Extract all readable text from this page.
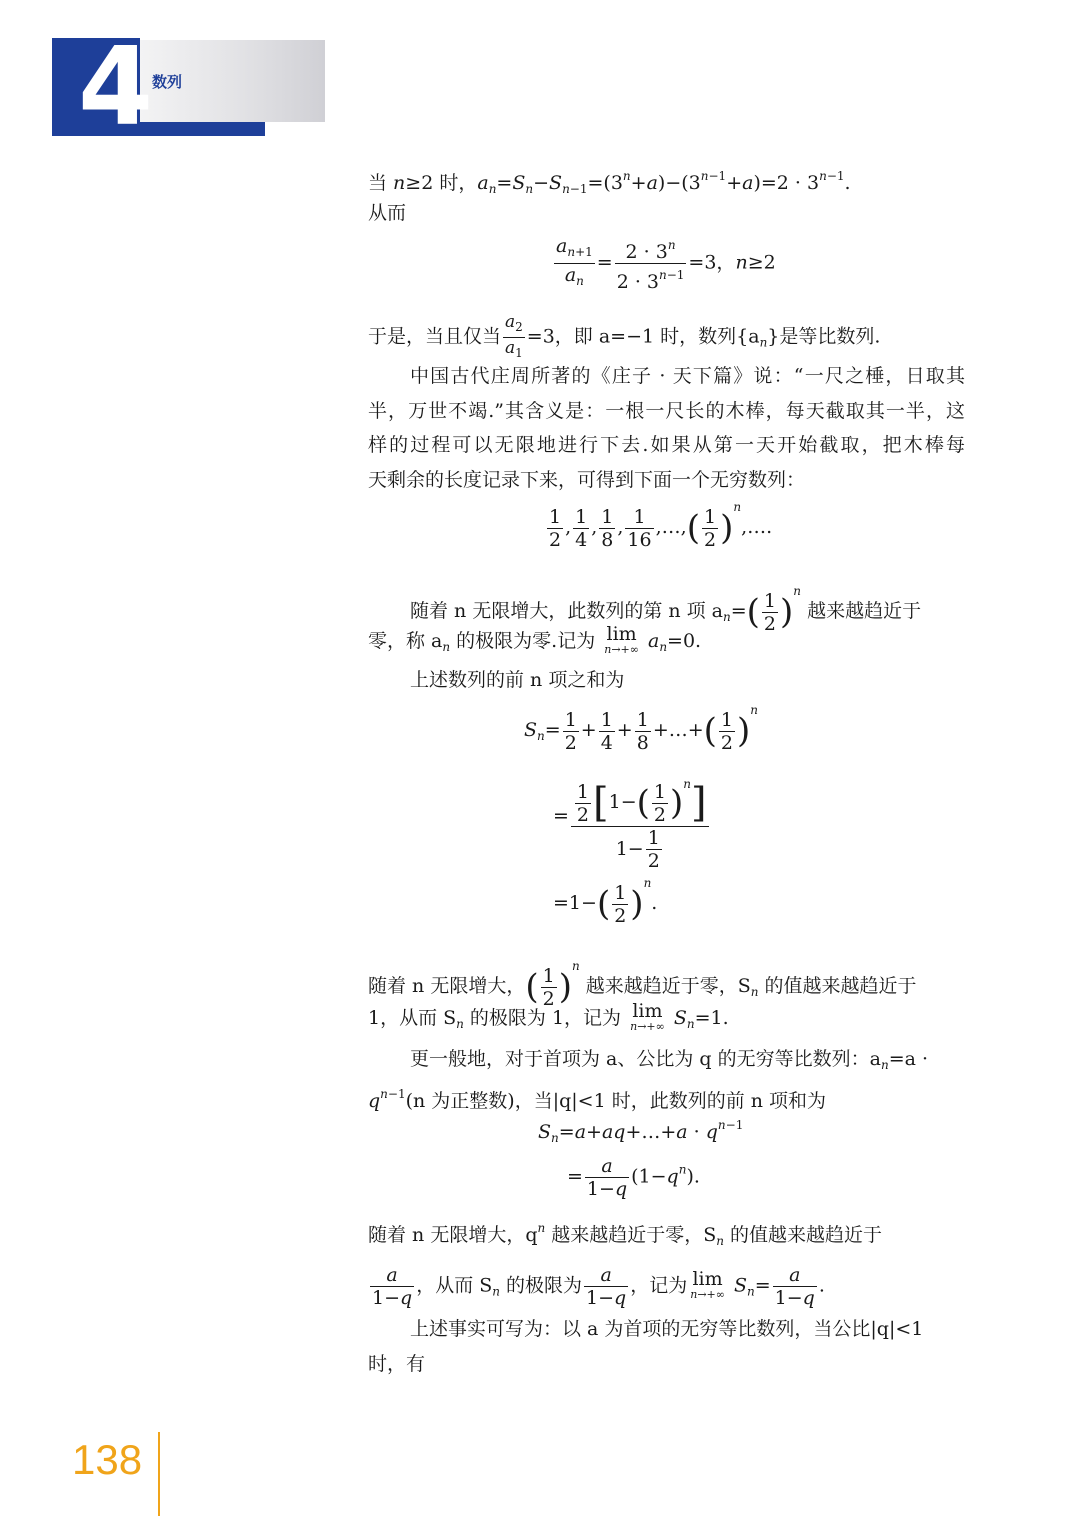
4
数列
当 n≥2 时，$a_n=S_n-S_{n-1}=(3^n+a)-(3^{n-1}+a)=2 \cdot 3^{n-1}$.
从而
$\frac{a_{n+1}}{a_n} = \frac{2 \cdot 3^n}{2 \cdot 3^{n-1}} =3$，n≥2
于是，当且仅当 $\frac{a_2}{a_1} =3$，即 a=−1 时，数列$\{a_n\}$是等比数列.
中国古代庄周所著的《庄子 · 天下篇》说：“一尺之棰，日取其
半，万世不竭.”其含义是：一根一尺长的木棒，每天截取其一半，这
样的过程可以无限地进行下去.如果从第一天开始截取，把木棒每
天剩余的长度记录下来，可得到下面一个无穷数列：
$\frac{1}{2}$ , $\frac{1}{4}$ , $\frac{1}{8}$ , $\frac{1}{16}$ ,…,( $\frac{1}{2}$ )$^n$,….
随着 n 无限增大，此数列的第 n 项 $a_n=( \frac{1}{2} )^n$ 越来越趋近于
零，称 $a_n$ 的极限为零.记为 lim
n→+∞ $a_n=0$.
上述数列的前 n 项之和为
$S_n= \frac{1}{2} + \frac{1}{4} + \frac{1}{8}$ +…+( $\frac{1}{2} )^n$
= $\frac{\frac{1}{2} [1-( \frac{1}{2} )^n]}{1- \frac{1}{2}}$
$=1-( \frac{1}{2} )^n$.
随着 n 无限增大，( $\frac{1}{2} )^n$ 越来越趋近于零，$S_n$ 的值越来越趋近于
1，从而 $S_n$ 的极限为 1，记为 lim
n→+∞ $S_n=1$.
更一般地，对于首项为 a、公比为 q 的无穷等比数列：$a_n=a$ ·
$q^{n-1}(n$ 为正整数)，当|q|<1 时，此数列的前 n 项和为
$S_n=a+aq+\dots+a \cdot q^{n-1}$
= $\frac{a}{1-q} (1-q^n)$.
随着 n 无限增大，$q^n$ 越来越趋近于零，$S_n$ 的值越来越趋近于
$\frac{a}{1-q}$ ，从而 $S_n$ 的极限为 $\frac{a}{1-q}$ ，记为 lim
n→+∞ $S_n= \frac{a}{1-q}$ .
上述事实可写为：以 a 为首项的无穷等比数列，当公比|q|<1
时，有
138
